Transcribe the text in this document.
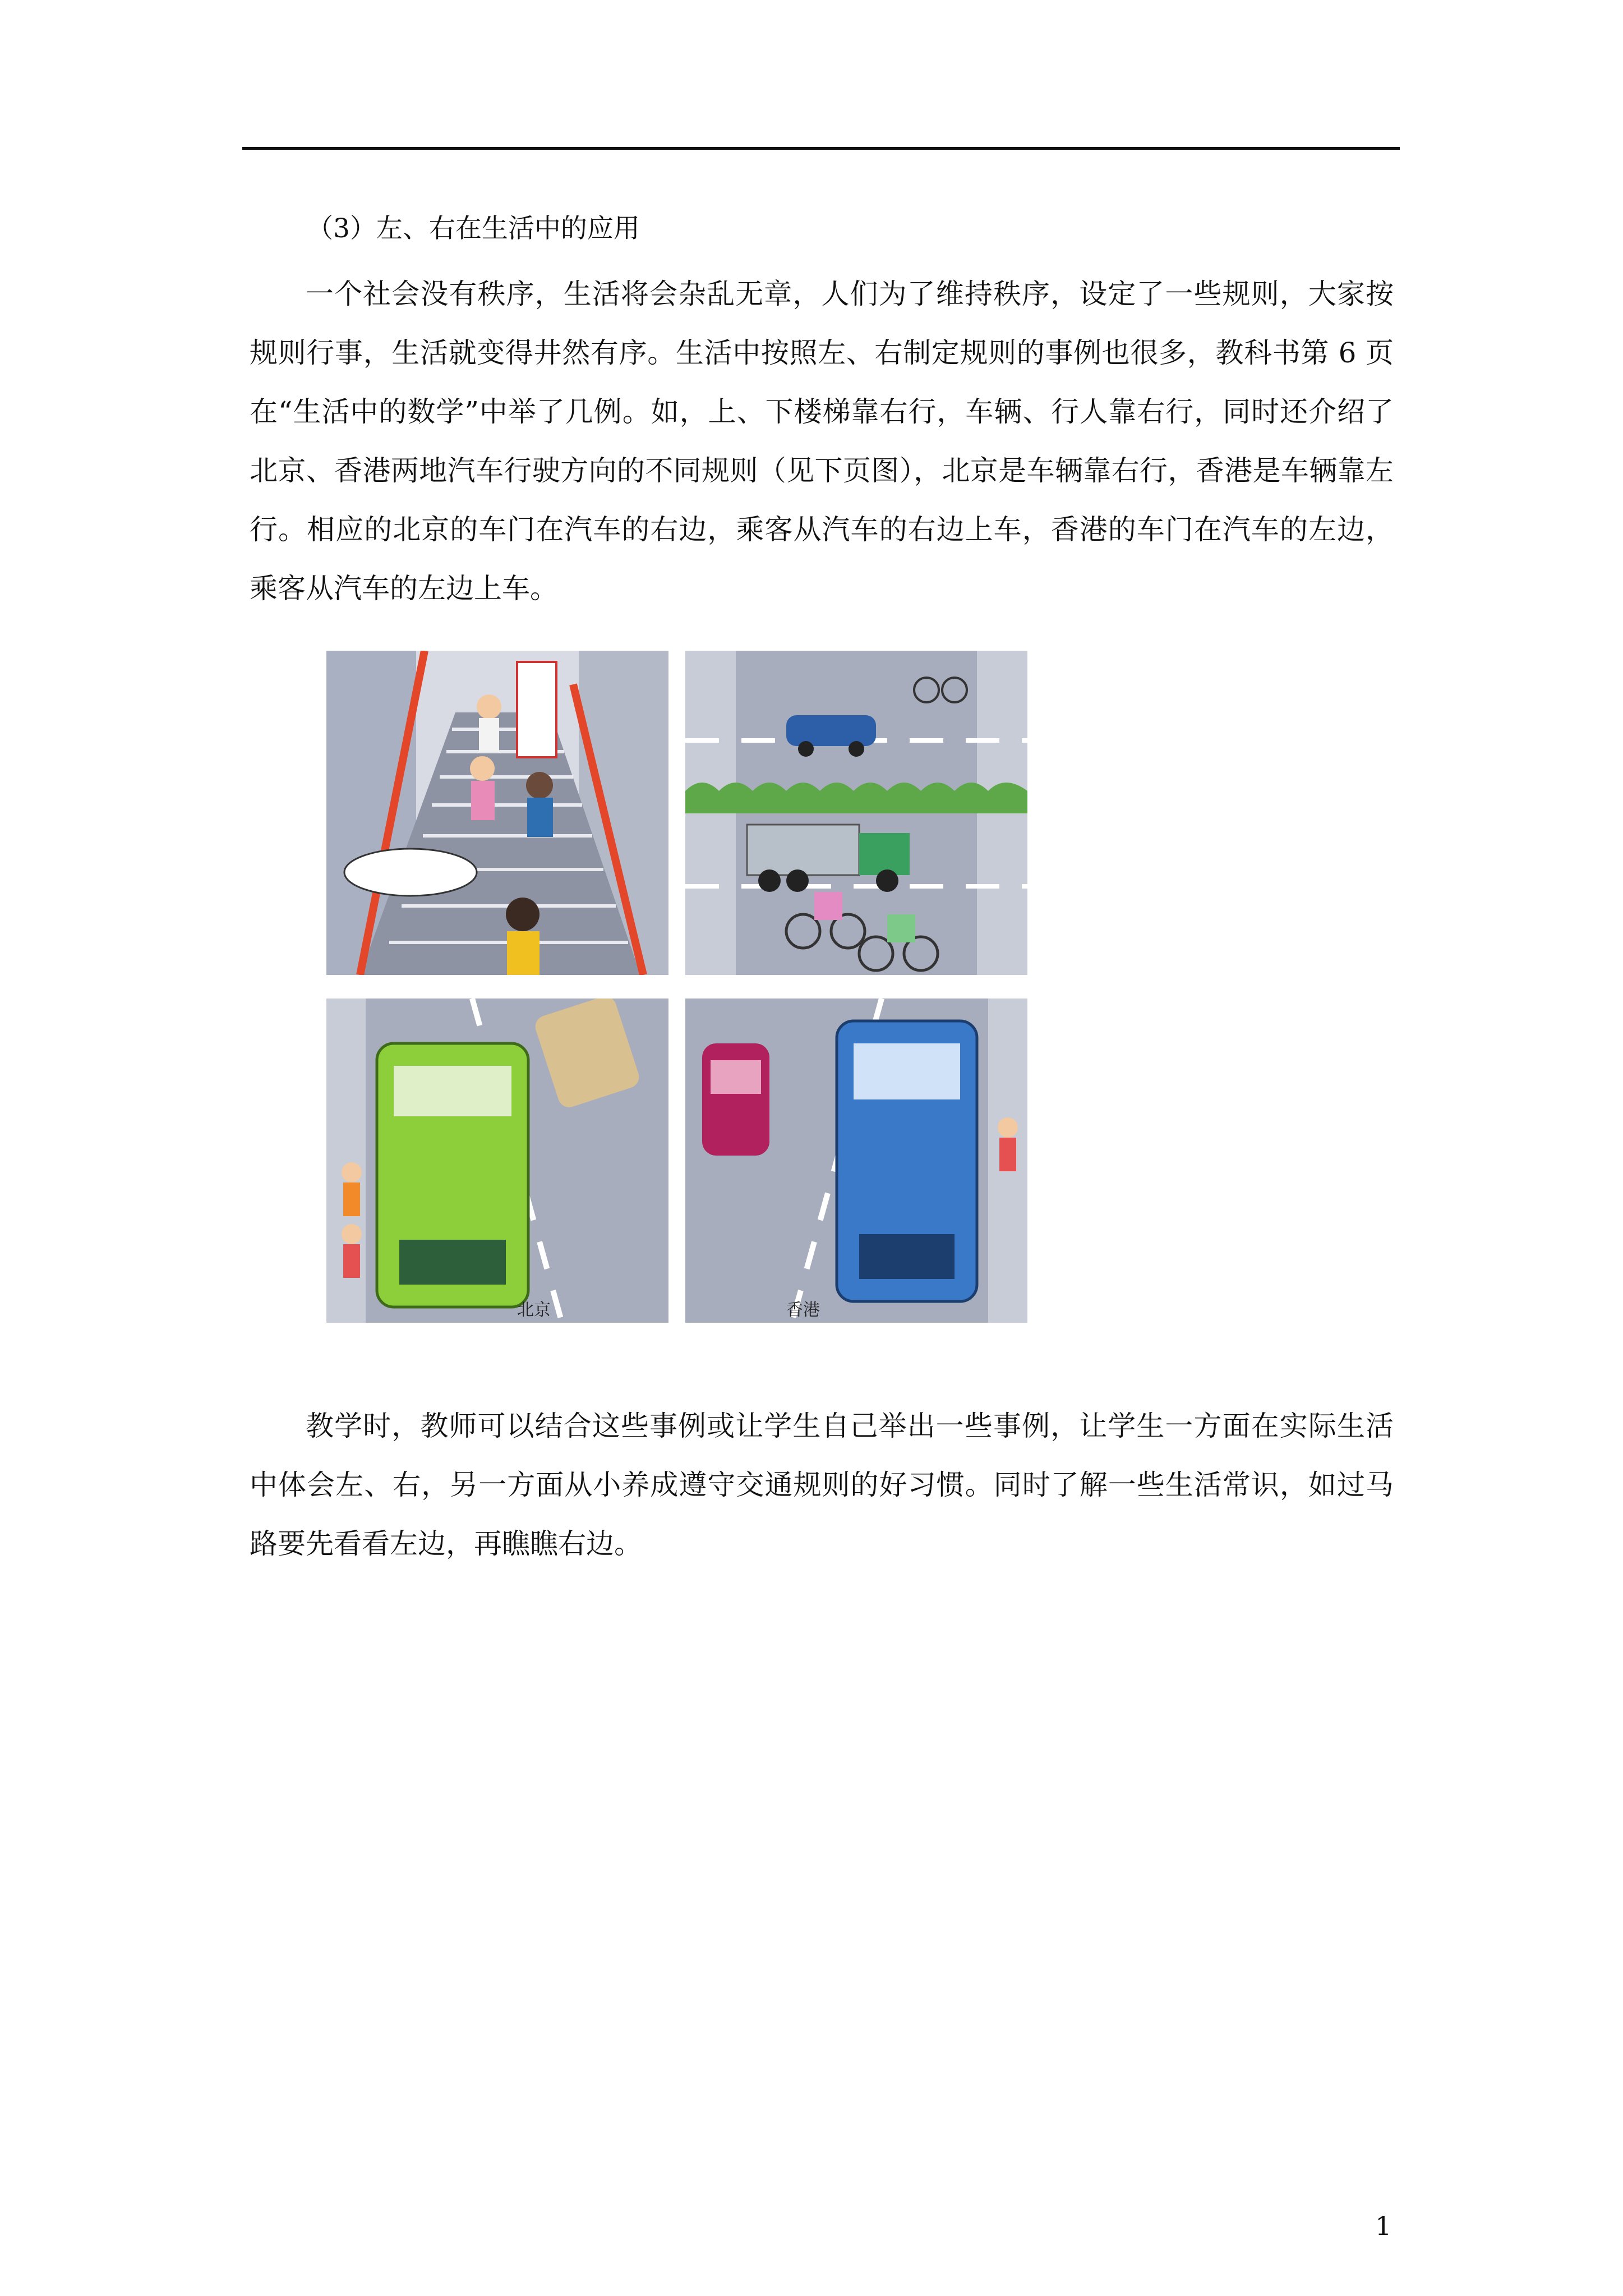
（3）左、右在生活中的应用

一个社会没有秩序，生活将会杂乱无章，人们为了维持秩序，设定了一些规则，大家按规则行事，生活就变得井然有序。生活中按照左、右制定规则的事例也很多，教科书第 6 页在“生活中的数学”中举了几例。如，上、下楼梯靠右行，车辆、行人靠右行，同时还介绍了北京、香港两地汽车行驶方向的不同规则（见下页图），北京是车辆靠右行，香港是车辆靠左行。相应的北京的车门在汽车的右边，乘客从汽车的右边上车，香港的车门在汽车的左边，乘客从汽车的左边上车。

北京	香港

教学时，教师可以结合这些事例或让学生自己举出一些事例，让学生一方面在实际生活中体会左、右，另一方面从小养成遵守交通规则的好习惯。同时了解一些生活常识，如过马路要先看看左边，再瞧瞧右边。

1
